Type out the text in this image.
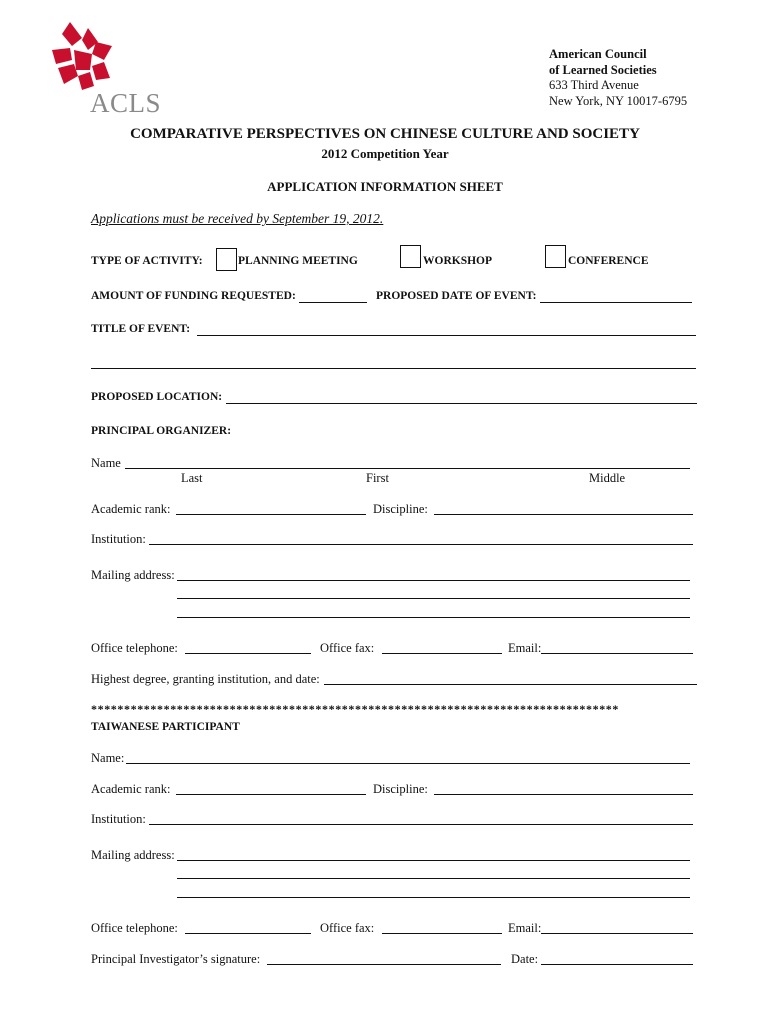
ACLS
American Council
of Learned Societies
633 Third Avenue
New York, NY 10017-6795
COMPARATIVE PERSPECTIVES ON CHINESE CULTURE AND SOCIETY
2012 Competition Year
APPLICATION INFORMATION SHEET
Applications must be received by September 19, 2012.
TYPE OF ACTIVITY:	PLANNING MEETING	WORKSHOP	CONFERENCE
AMOUNT OF FUNDING REQUESTED:	PROPOSED DATE OF EVENT:
TITLE OF EVENT:
PROPOSED LOCATION:
PRINCIPAL ORGANIZER:
Name
Last	First	Middle
Academic rank:	Discipline:
Institution:
Mailing address:
Office telephone:	Office fax:	Email:
Highest degree, granting institution, and date:
********************************************************************************
TAIWANESE PARTICIPANT
Name:
Academic rank:	Discipline:
Institution:
Mailing address:
Office telephone:	Office fax:	Email:
Principal Investigator’s signature:	Date:
